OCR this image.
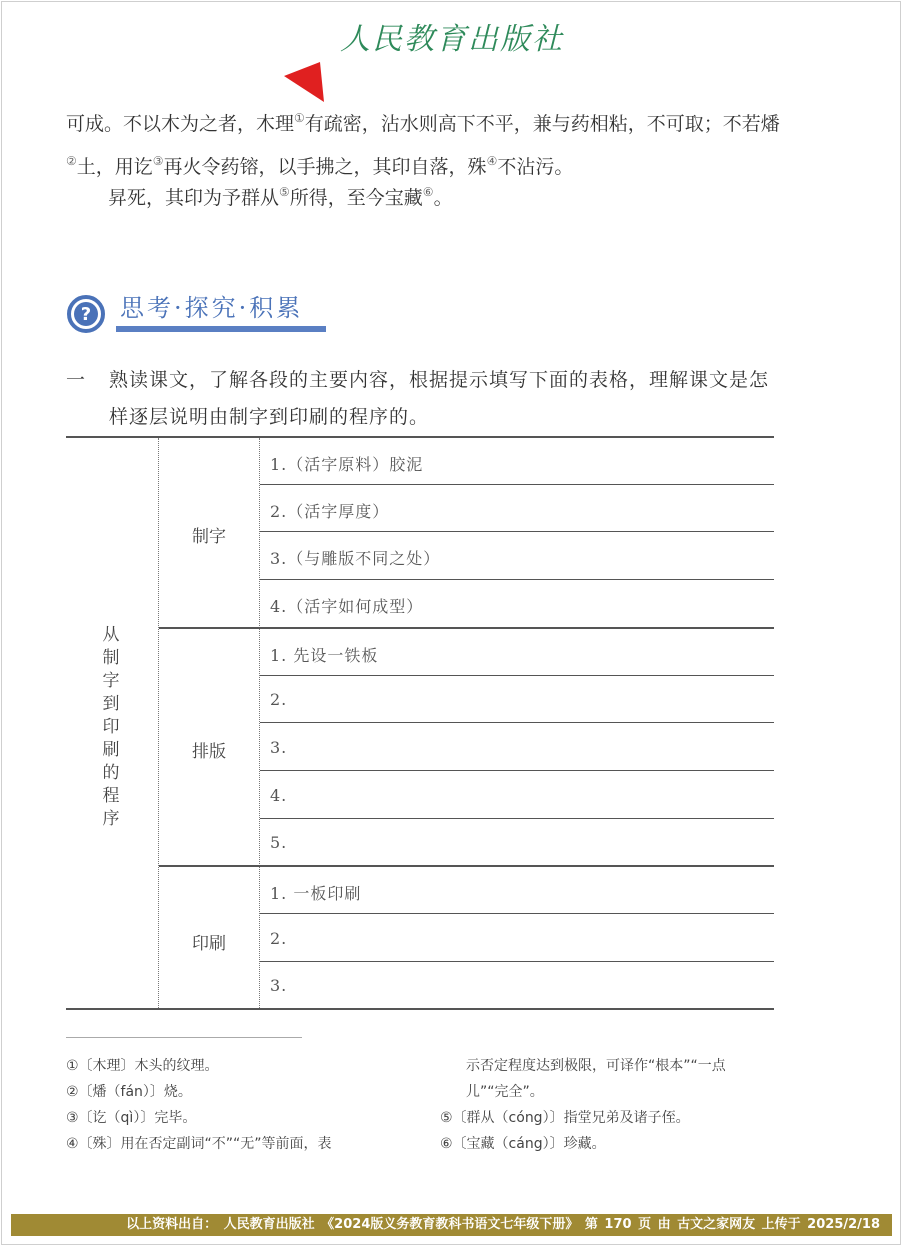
人民教育出版社
可成。不以木为之者，木理①有疏密，沾水则高下不平，兼与药相粘，不可取；不若燔②土，用讫③再火令药镕，以手拂之，其印自落，殊④不沾污。
昇死，其印为予群从⑤所得，至今宝藏⑥。
? 思考·探究·积累
一 熟读课文，了解各段的主要内容，根据提示填写下面的表格，理解课文是怎样逐层说明由制字到印刷的程序的。
从制字到印刷的程序
制字
1.（活字原料）胶泥
2.（活字厚度）
3.（与雕版不同之处）
4.（活字如何成型）
排版
1. 先设一铁板
2.
3.
4.
5.
印刷
1. 一板印刷
2.
3.
①〔木理〕木头的纹理。
②〔燔（fán）〕烧。
③〔讫（qì）〕完毕。
④〔殊〕用在否定副词“不”“无”等前面，表
示否定程度达到极限，可译作“根本”“一点
儿”“完全”。
⑤〔群从（cóng）〕指堂兄弟及诸子侄。
⑥〔宝藏（cáng）〕珍藏。
以上资料出自： 人民教育出版社 《2024版义务教育教科书语文七年级下册》 第 170 页 由 古文之家网友 上传于 2025/2/18
